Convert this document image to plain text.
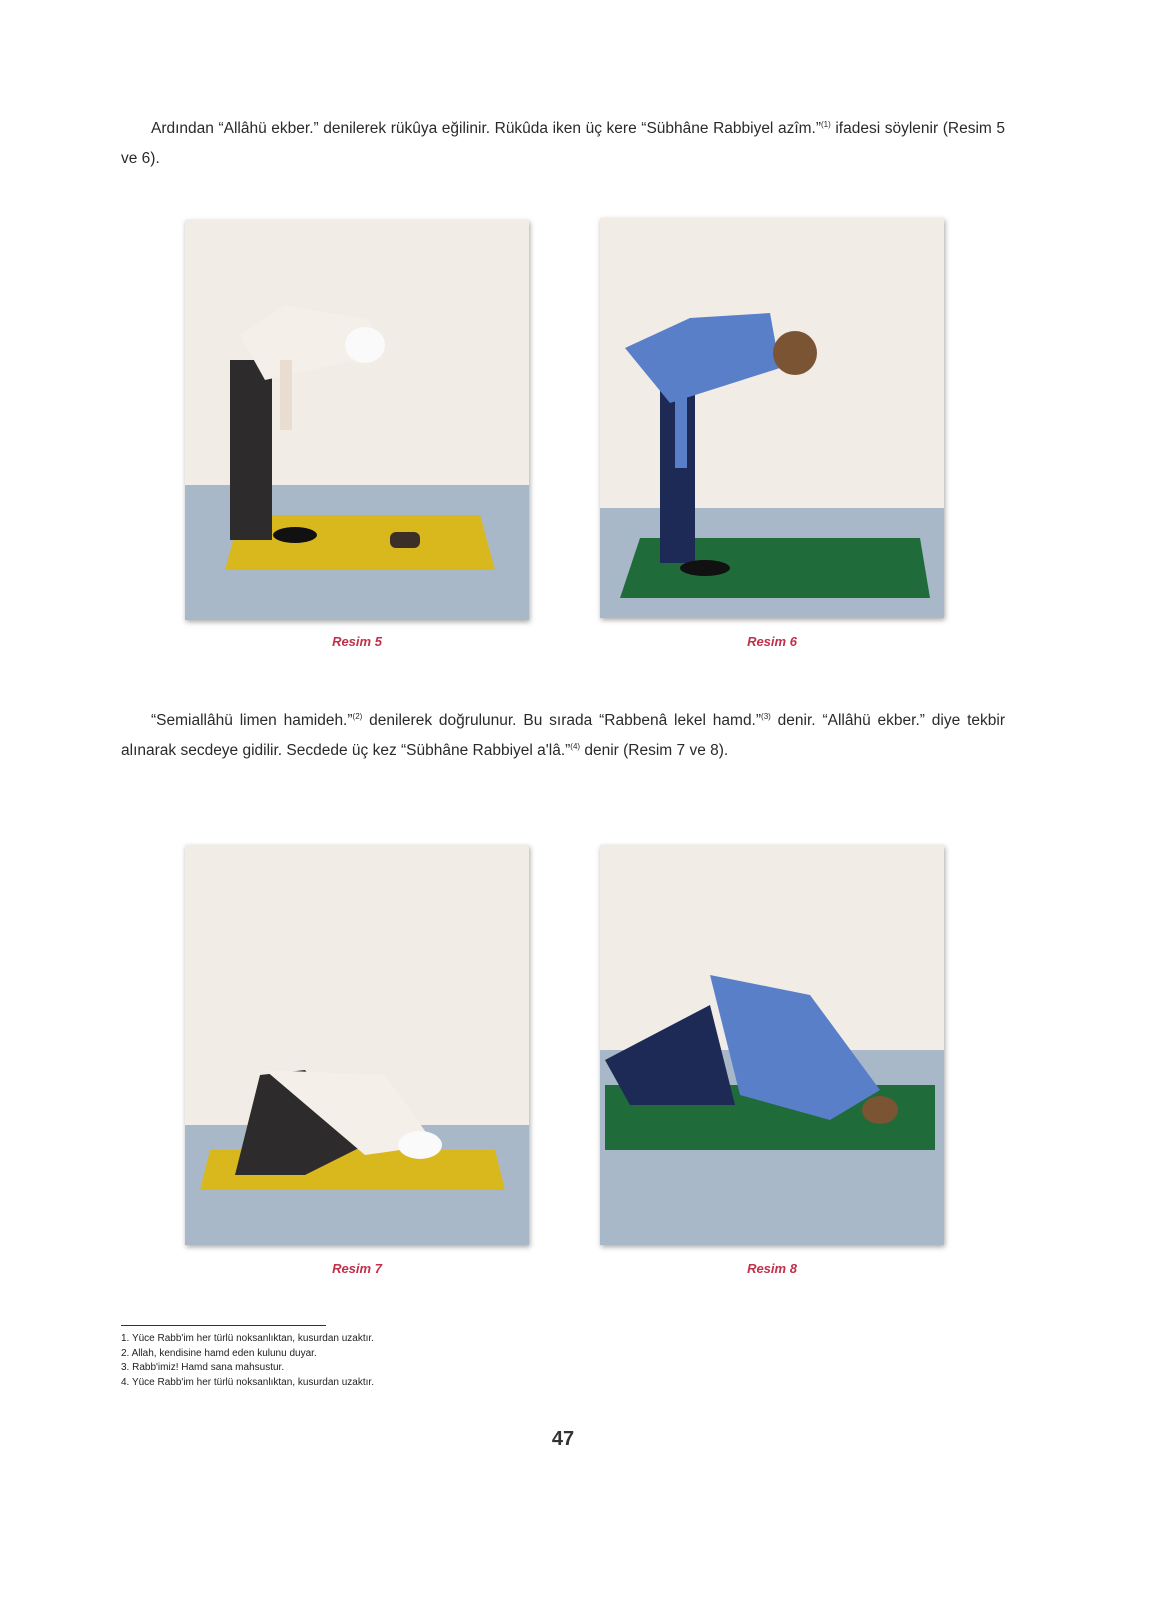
Ardından “Allâhü ekber.” denilerek rükûya eğilinir. Rükûda iken üç kere “Sübhâne Rabbiyel azîm.”$^{(1)}$ ifadesi söylenir (Resim 5 ve 6).
“Semiallâhü limen hamideh.”$^{(2)}$ denilerek doğrulunur. Bu sırada “Rabbenâ lekel hamd.”$^{(3)}$ denir. “Allâhü ekber.” diye tekbir alınarak secdeye gidilir. Secdede üç kez “Sübhâne Rabbiyel a'lâ.”$^{(4)}$ denir (Resim 7 ve 8).
Resim 5	Resim 6
Resim 7	Resim 8
1. Yüce Rabb'im her türlü noksanlıktan, kusurdan uzaktır.
2. Allah, kendisine hamd eden kulunu duyar.
3. Rabb'imiz! Hamd sana mahsustur.
4. Yüce Rabb'im her türlü noksanlıktan, kusurdan uzaktır.
47
